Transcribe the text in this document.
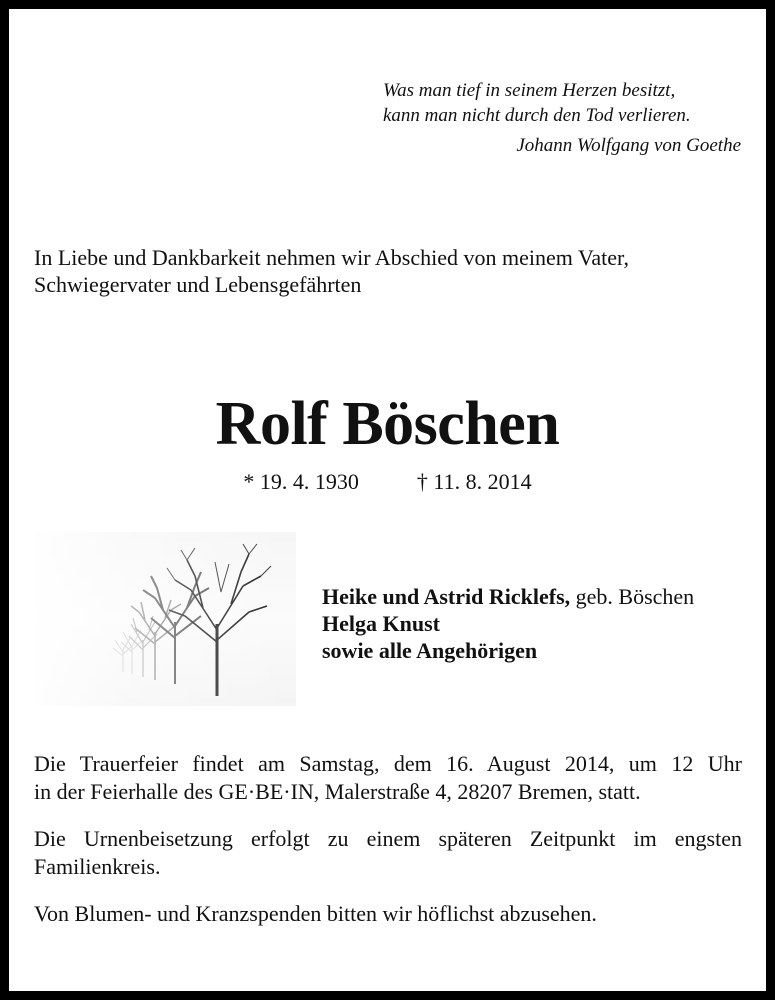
Was man tief in seinem Herzen besitzt,
kann man nicht durch den Tod verlieren.
Johann Wolfgang von Goethe
In Liebe und Dankbarkeit nehmen wir Abschied von meinem Vater,
Schwiegervater und Lebensgefährten
Rolf Böschen
* 19. 4. 1930	† 11. 8. 2014
Heike und Astrid Ricklefs, geb. Böschen
Helga Knust
sowie alle Angehörigen
Die Trauerfeier findet am Samstag, dem 16. August 2014, um 12 Uhr
in der Feierhalle des GE·BE·IN, Malerstraße 4, 28207 Bremen, statt.
Die Urnenbeisetzung erfolgt zu einem späteren Zeitpunkt im engsten
Familienkreis.
Von Blumen- und Kranzspenden bitten wir höflichst abzusehen.
